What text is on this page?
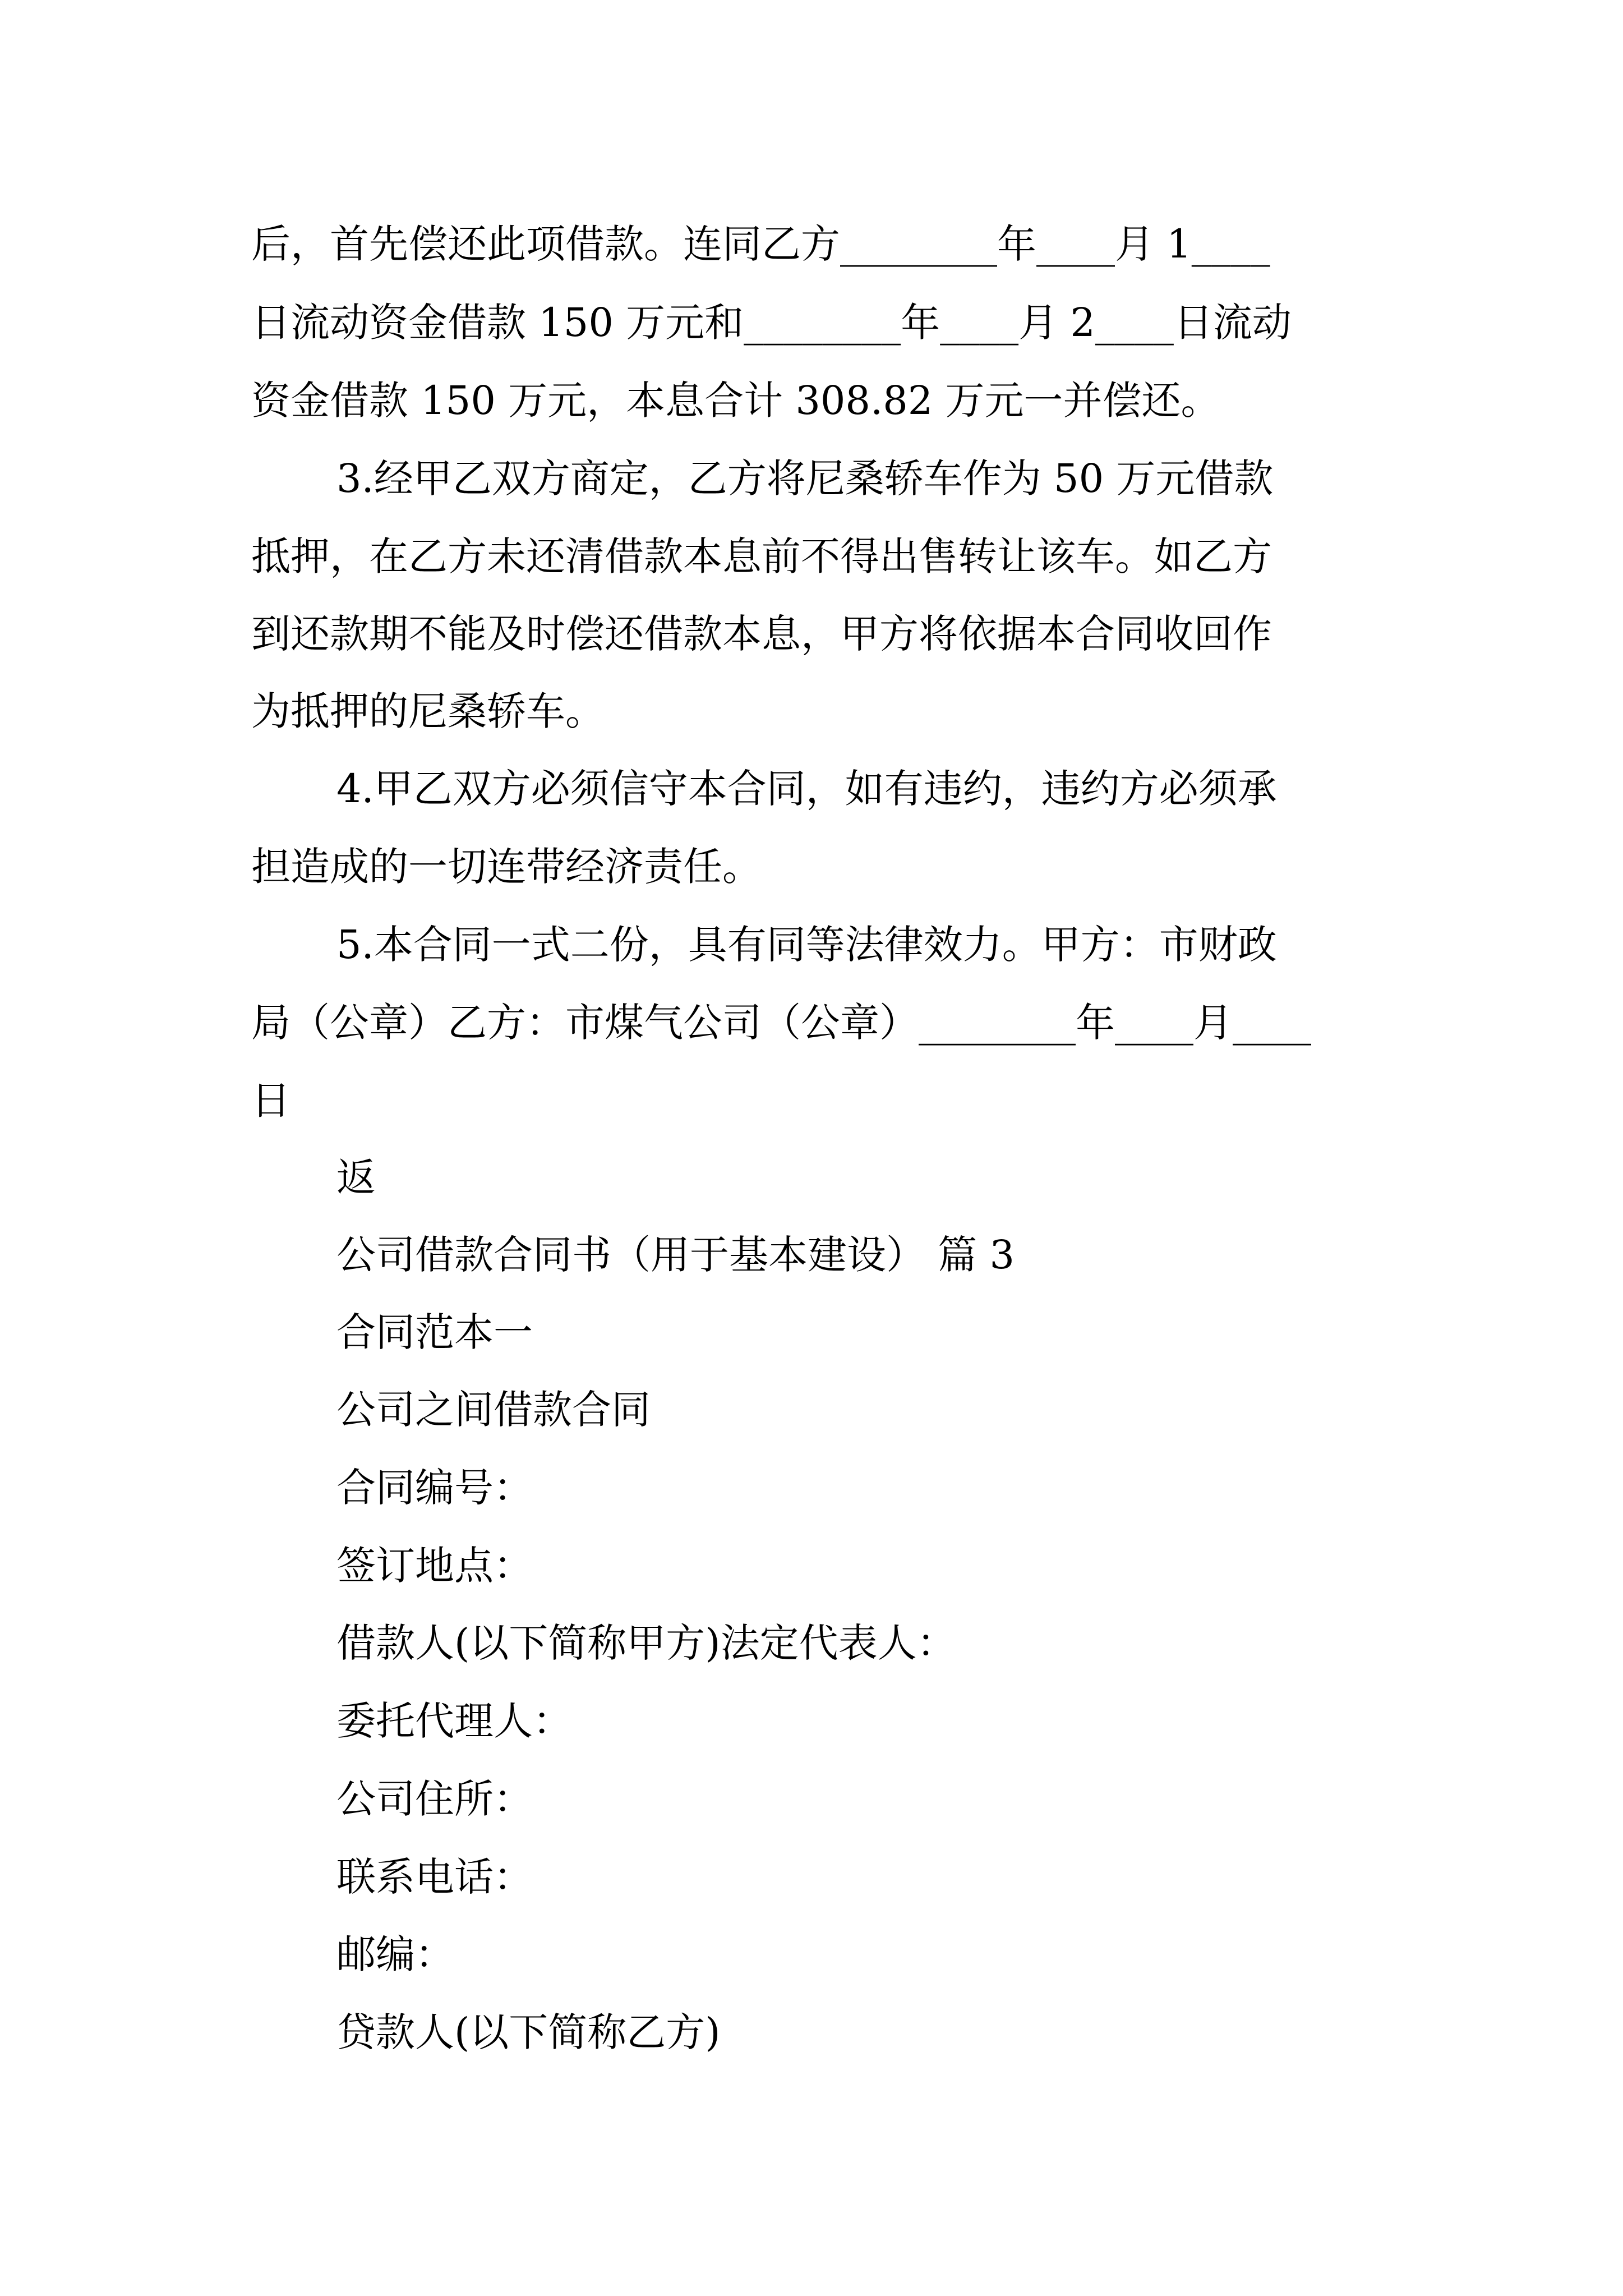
后，首先偿还此项借款。连同乙方________年____月 1____
日流动资金借款 150 万元和________年____月 2____日流动
资金借款 150 万元，本息合计 308.82 万元一并偿还。
3.经甲乙双方商定，乙方将尼桑轿车作为 50 万元借款
抵押，在乙方未还清借款本息前不得出售转让该车。如乙方
到还款期不能及时偿还借款本息，甲方将依据本合同收回作
为抵押的尼桑轿车。
4.甲乙双方必须信守本合同，如有违约，违约方必须承
担造成的一切连带经济责任。
5.本合同一式二份，具有同等法律效力。甲方：市财政
局（公章）乙方：市煤气公司（公章）________年____月____
日
返
公司借款合同书（用于基本建设） 篇 3
合同范本一
公司之间借款合同
合同编号：
签订地点：
借款人(以下简称甲方)法定代表人：
委托代理人：
公司住所：
联系电话：
邮编：
贷款人(以下简称乙方)
